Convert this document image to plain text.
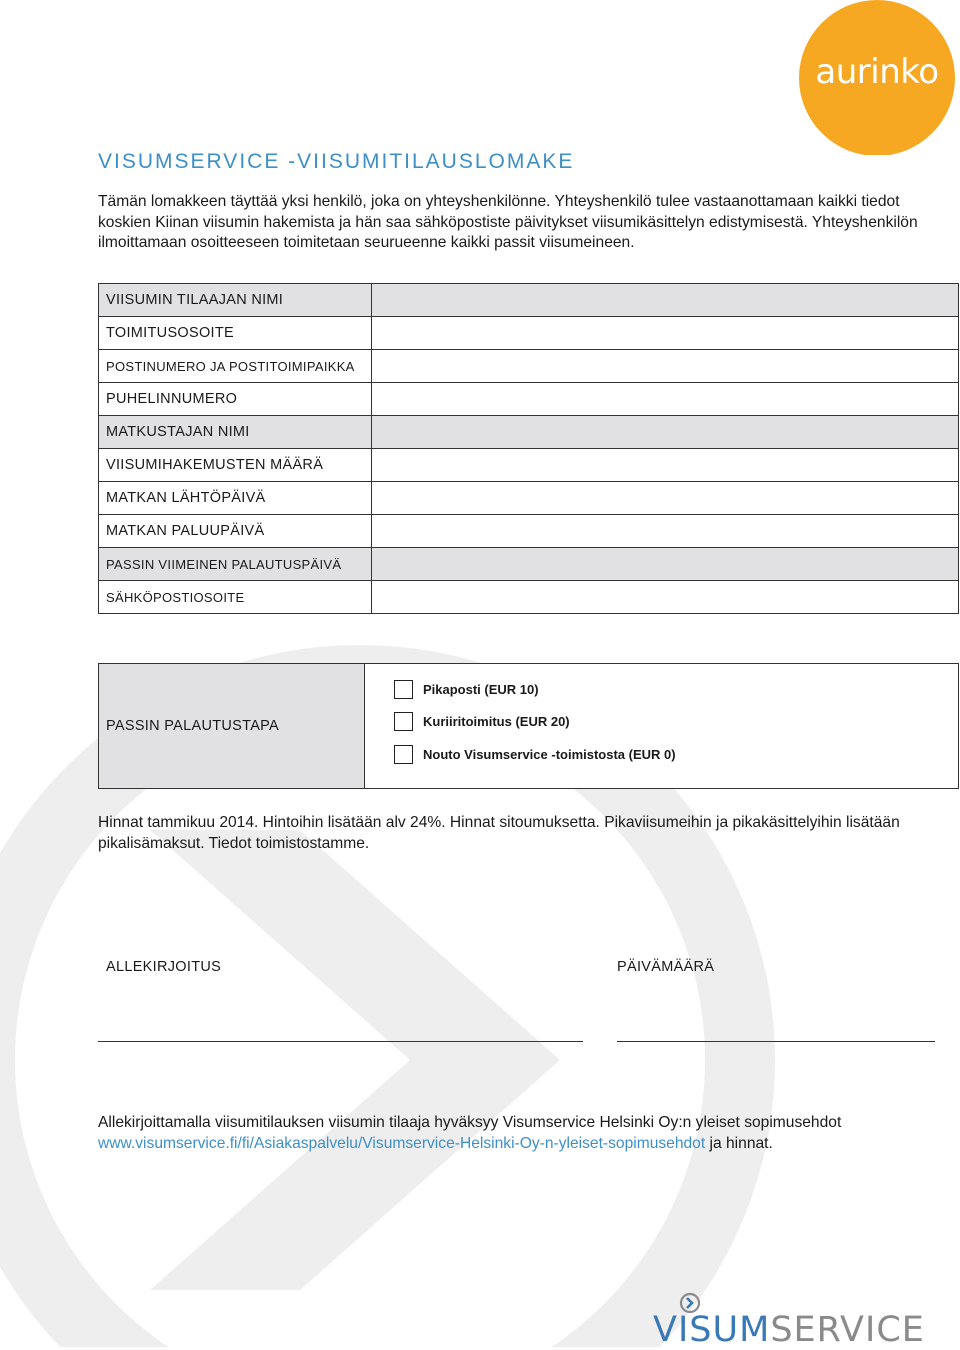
aurinko
VISUMSERVICE -VIISUMITILAUSLOMAKE

Tämän lomakkeen täyttää yksi henkilö, joka on yhteyshenkilönne. Yhteyshenkilö tulee vastaanottamaan kaikki tiedot koskien Kiinan viisumin hakemista ja hän saa sähköpostiste päivitykset viisumikäsittelyn edistymisestä. Yhteyshenkilön ilmoittamaan osoitteeseen toimitetaan seurueenne kaikki passit viisumeineen.

VIISUMIN TILAAJAN NIMI	
TOIMITUSOSOITE	
POSTINUMERO JA POSTITOIMIPAIKKA	
PUHELINNUMERO	
MATKUSTAJAN NIMI	
VIISUMIHAKEMUSTEN MÄÄRÄ	
MATKAN LÄHTÖPÄIVÄ	
MATKAN PALUUPÄIVÄ	
PASSIN VIIMEINEN PALAUTUSPÄIVÄ	
SÄHKÖPOSTIOSOITE	
PASSIN PALAUTUSTAPA
Pikaposti (EUR 10)
Kuriiritoimitus (EUR 20)
Nouto Visumservice -toimistosta (EUR 0)

Hinnat tammikuu 2014. Hintoihin lisätään alv 24%. Hinnat sitoumuksetta. Pikaviisumeihin ja pikakäsittelyihin lisätään pikalisämaksut. Tiedot toimistostamme.

ALLEKIRJOITUS	PÄIVÄMÄÄRÄ

Allekirjoittamalla viisumitilauksen viisumin tilaaja hyväksyy Visumservice Helsinki Oy:n yleiset sopimusehdot www.visumservice.fi/fi/Asiakaspalvelu/Visumservice-Helsinki-Oy-n-yleiset-sopimusehdot ja hinnat.

VISUMSERVICE
